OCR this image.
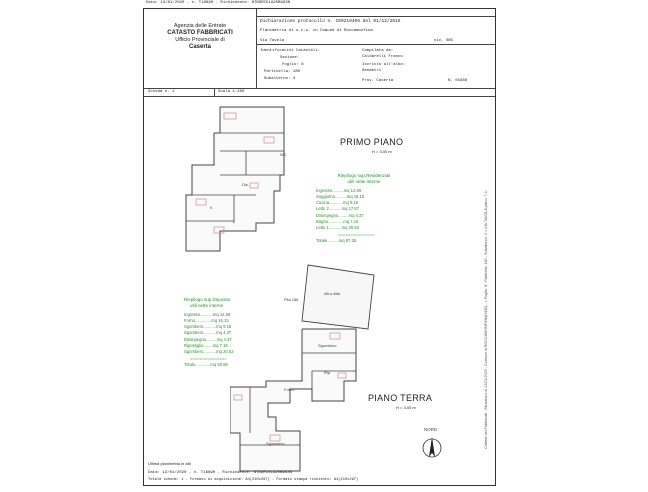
Data: 13/01/2020 - n. T16890 - Richiedente: NTNDRC51A25B963N
Agenzia delle Entrate
CATASTO FABBRICATI
Ufficio Provinciale di
Caserta
Dichiarazione protocollo n. CE0219409 del 01/12/2016
Planimetria di u.i.u. in Comune di Roccamonfina
Via Tavola	civ. SNC
Identificativi Catastali:
Sezione:
Foglio: 8
Particella: 180
Subalterno: 3
Compilata da:
Caldarelli Franco
Iscritto all'albo:
Geometri
Prov. Caserta	N. 01688
Scheda n. 1	Scala 1:200
WC
Dis.
K
PRIMO PIANO
H = 3.00 m
Riepilogo sup.Residenziali
utili nette interne
Ingresso..........mq 12.69
Soggiorno..........mq 16.15
Cucina............mq 9.16
Letto 2...........mq 17.57
Disimpegno.........mq 4.37
Bagno.............mq 7.16
Letto 1...........mq 20.52
===============
Totale..........mq 87.25
Altra ditta
Plla 186
Sgombero
Rip.
Sgombero
Forno
PIANO TERRA
H = 3.00 m
Riepilogo sup.Deposito
utili nette interne
Ingresso...........mq 12.69
Forno..............mq 16.15
Sgombero...........mq 9.16
Sgombero...........mq 4.37
Disimpegno.........mq 4.37
Ripostiglio........mq 7.16
Sgombero...........mq 20.52
===============
Totale.............mq 93.59
NORD
Ultima planimetria in atti
Data: 13/01/2020 - n. T16890 - Richiedente: NTNDRC51A25B963N
Totale schede: 1 - Formato di acquisizione: A4(210x297) - Formato stampa richiesto: A4(210x297)
Catasto dei Fabbricati - Situazione al 13/01/2020 - Comune di ROCCAMONFINA(H436) - < Foglio: 8 - Particella: 180 - Subalterno: 3 > VIA TAVOLA piano: T-1;
